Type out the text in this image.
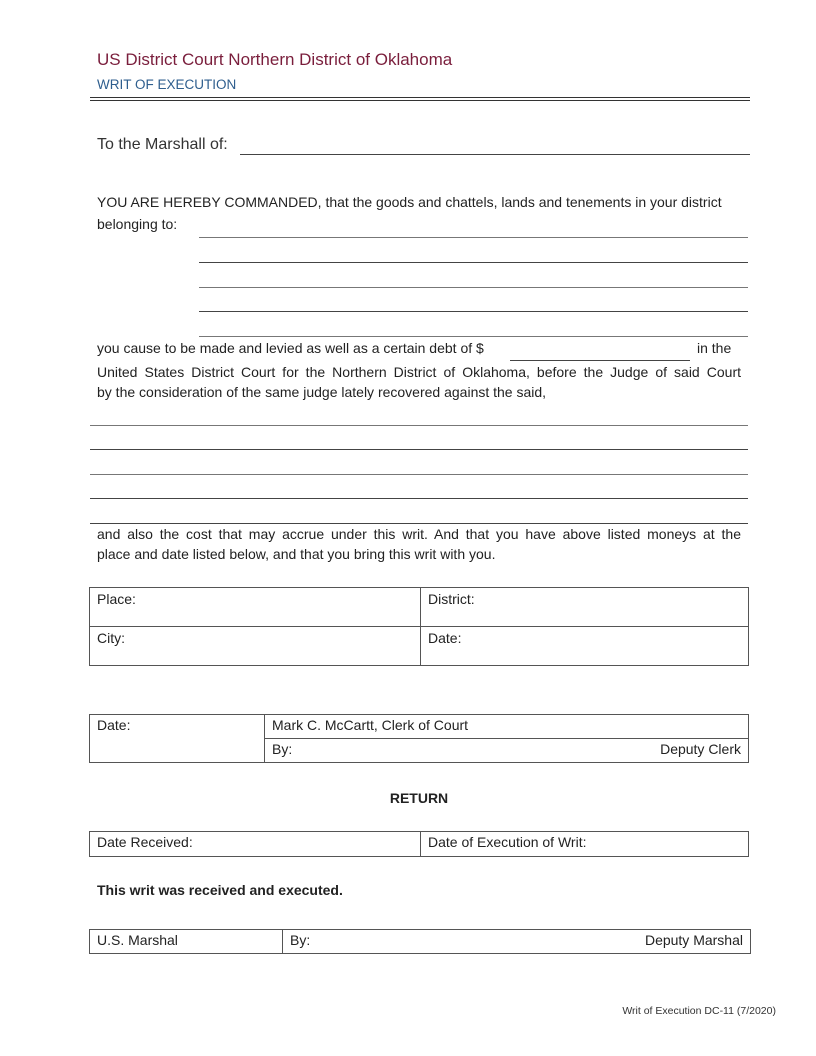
US District Court Northern District of Oklahoma
WRIT OF EXECUTION
To the Marshall of:
YOU ARE HEREBY COMMANDED, that the goods and chattels, lands and tenements in your district
belonging to:
you cause to be made and levied as well as a certain debt of $	in the
United States District Court for the Northern District of Oklahoma, before the Judge of said Court
by the consideration of the same judge lately recovered against the said,
and also the cost that may accrue under this writ. And that you have above listed moneys at the
place and date listed below, and that you bring this writ with you.
Place:	District:
City:	Date:
Date:	Mark C. McCartt, Clerk of Court
By:	Deputy Clerk
RETURN
Date Received:	Date of Execution of Writ:
This writ was received and executed.
U.S. Marshal	By:	Deputy Marshal
Writ of Execution DC-11 (7/2020)
